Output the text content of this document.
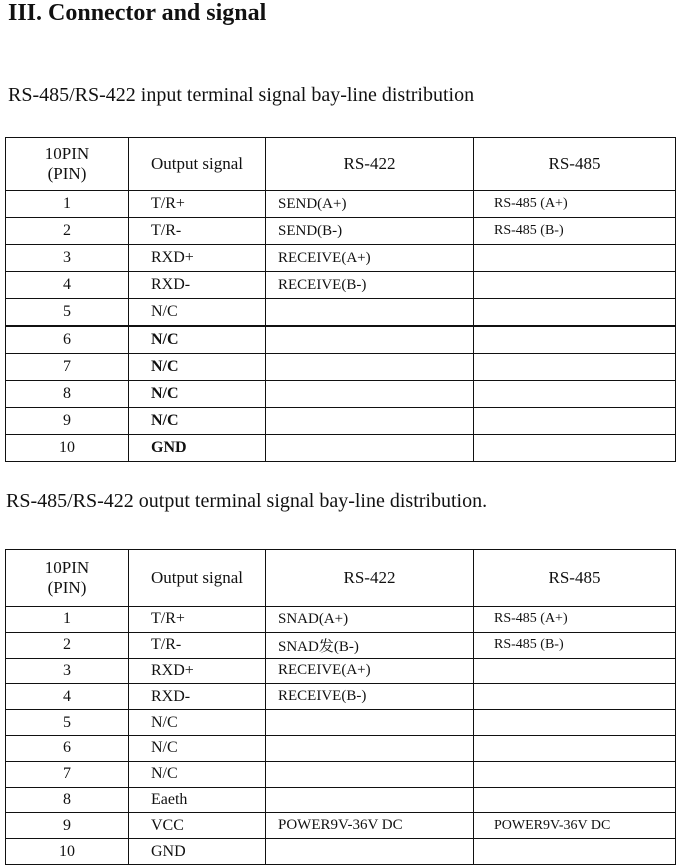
III. Connector and signal
RS-485/RS-422 input terminal signal bay-line distribution
10PIN
(PIN)	Output signal	RS-422	RS-485
1	T/R+	SEND(A+)	RS-485 (A+)
2	T/R-	SEND(B-)	RS-485 (B-)
3	RXD+	RECEIVE(A+)	
4	RXD-	RECEIVE(B-)	
5	N/C		
6	N/C		
7	N/C		
8	N/C		
9	N/C		
10	GND		
RS-485/RS-422 output terminal signal bay-line distribution.
10PIN
(PIN)	Output signal	RS-422	RS-485
1	T/R+	SNAD(A+)	RS-485 (A+)
2	T/R-	SNAD发(B-)	RS-485 (B-)
3	RXD+	RECEIVE(A+)	
4	RXD-	RECEIVE(B-)	
5	N/C		
6	N/C		
7	N/C		
8	Eaeth		
9	VCC	POWER9V-36V DC	POWER9V-36V DC
10	GND		
